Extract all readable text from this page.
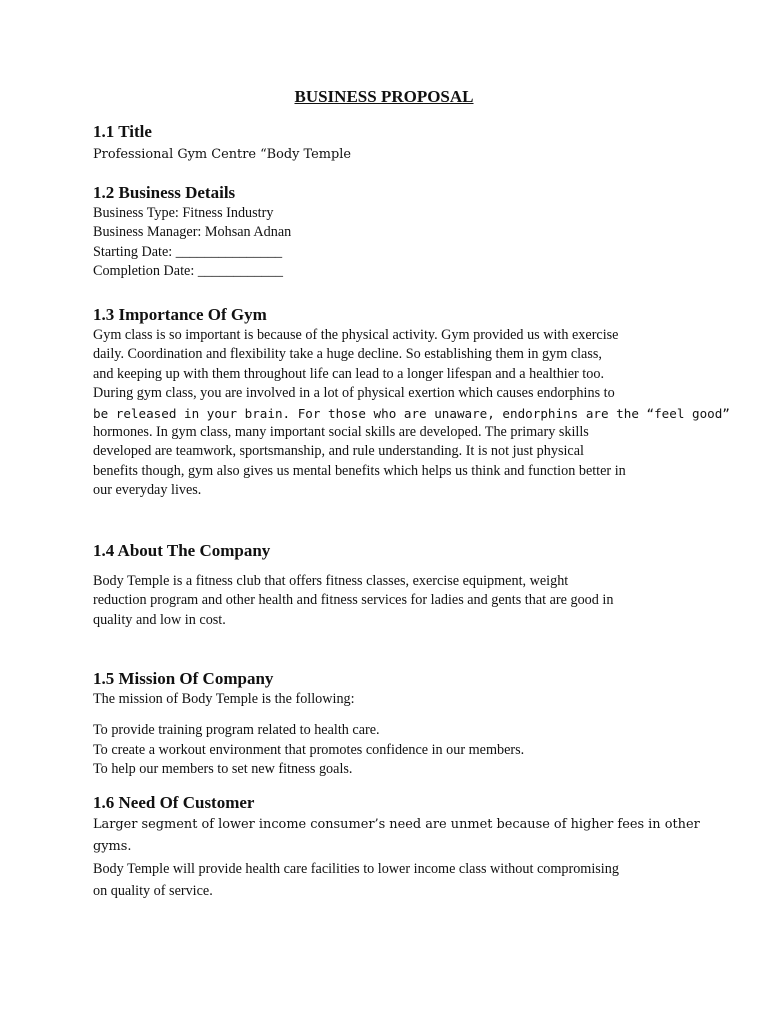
BUSINESS PROPOSAL
1.1 Title
Professional Gym Centre “Body Temple
1.2 Business Details
Business Type: Fitness Industry
Business Manager: Mohsan Adnan
Starting Date: _______________
Completion Date: ____________
1.3 Importance Of Gym
Gym class is so important is because of the physical activity. Gym provided us with exercise
daily. Coordination and flexibility take a huge decline. So establishing them in gym class,
and keeping up with them throughout life can lead to a longer lifespan and a healthier too.
During gym class, you are involved in a lot of physical exertion which causes endorphins to
be released in your brain. For those who are unaware, endorphins are the “feel good”
hormones. In gym class, many important social skills are developed. The primary skills
developed are teamwork, sportsmanship, and rule understanding. It is not just physical
benefits though, gym also gives us mental benefits which helps us think and function better in
our everyday lives.
1.4 About The Company
Body Temple is a fitness club that offers fitness classes, exercise equipment, weight
reduction program and other health and fitness services for ladies and gents that are good in
quality and low in cost.
1.5 Mission Of Company
The mission of Body Temple is the following:
To provide training program related to health care.
To create a workout environment that promotes confidence in our members.
To help our members to set new fitness goals.
1.6 Need Of Customer
Larger segment of lower income consumer’s need are unmet because of higher fees in other
gyms.
Body Temple will provide health care facilities to lower income class without compromising
on quality of service.
